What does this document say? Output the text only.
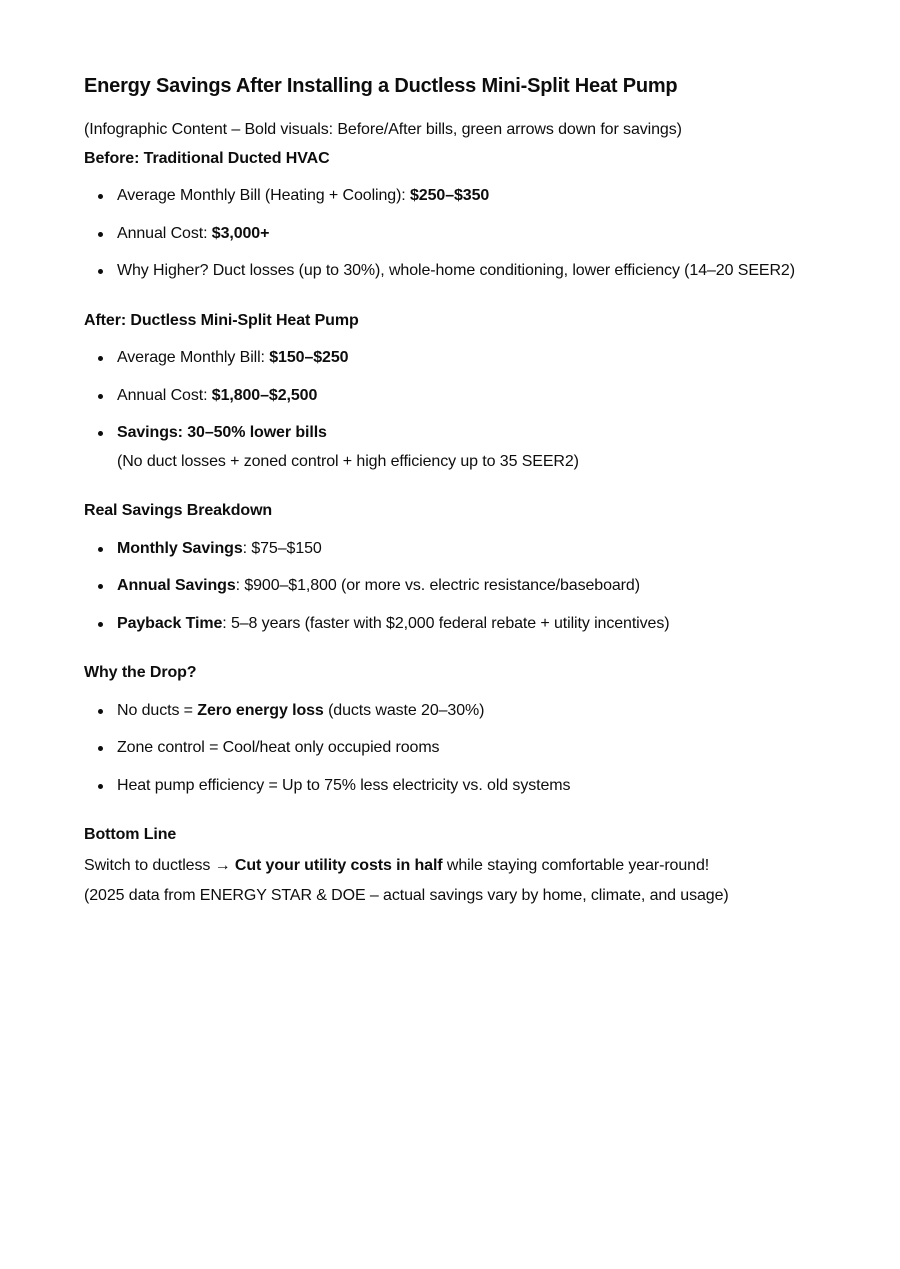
Energy Savings After Installing a Ductless Mini-Split Heat Pump

(Infographic Content – Bold visuals: Before/After bills, green arrows down for savings)

Before: Traditional Ducted HVAC

Average Monthly Bill (Heating + Cooling): $250–$350
Annual Cost: $3,000+
Why Higher? Duct losses (up to 30%), whole-home conditioning, lower efficiency (14–20 SEER2)

After: Ductless Mini-Split Heat Pump

Average Monthly Bill: $150–$250
Annual Cost: $1,800–$2,500
Savings: 30–50% lower bills
(No duct losses + zoned control + high efficiency up to 35 SEER2)

Real Savings Breakdown

Monthly Savings: $75–$150
Annual Savings: $900–$1,800 (or more vs. electric resistance/baseboard)
Payback Time: 5–8 years (faster with $2,000 federal rebate + utility incentives)

Why the Drop?

No ducts = Zero energy loss (ducts waste 20–30%)
Zone control = Cool/heat only occupied rooms
Heat pump efficiency = Up to 75% less electricity vs. old systems

Bottom Line

Switch to ductless → Cut your utility costs in half while staying comfortable year-round!

(2025 data from ENERGY STAR & DOE – actual savings vary by home, climate, and usage)
